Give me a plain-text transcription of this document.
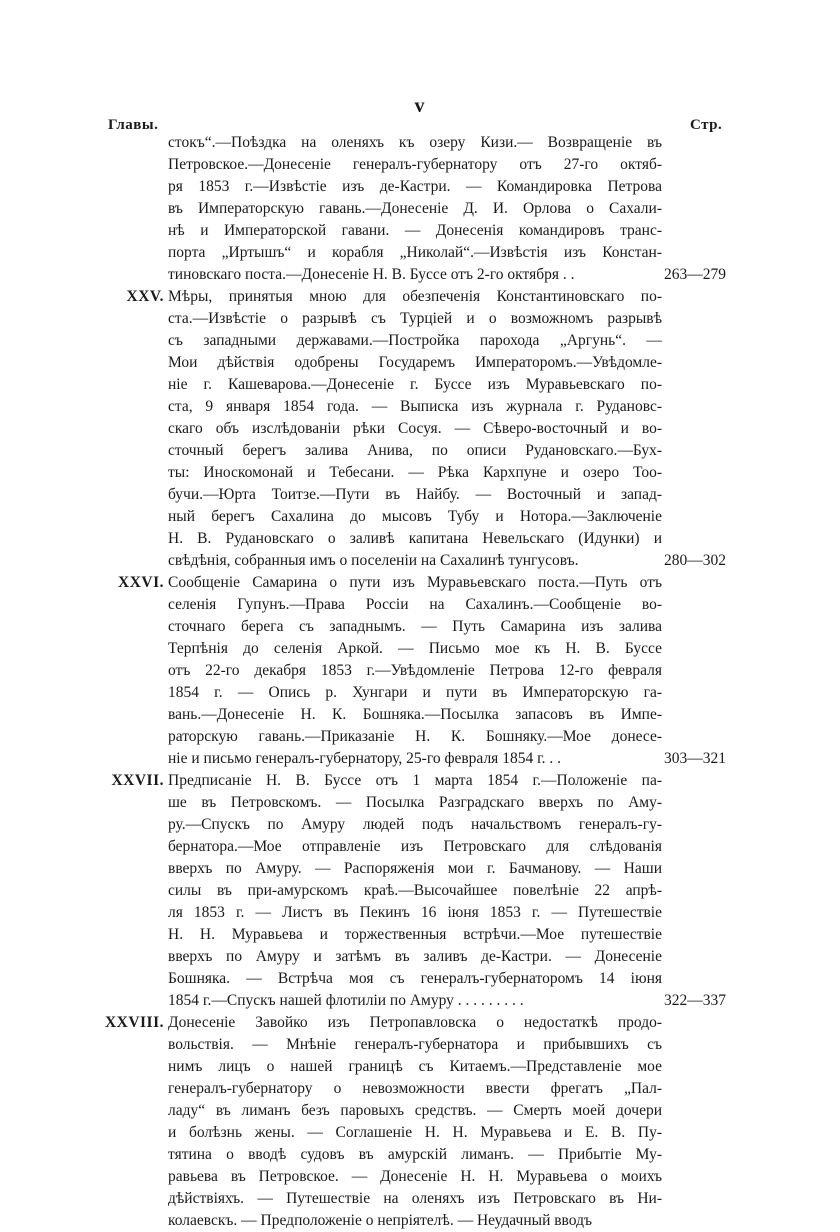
v
Главы.	Стр.
стокъ“.—Поѣздка на оленяхъ къ озеру Кизи.— Возвращеніе въ
Петровское.—Донесеніе генералъ-губернатору отъ 27-го октяб-
ря 1853 г.—Извѣстіе изъ де-Кастри. — Командировка Петрова
въ Императорскую гавань.—Донесеніе Д. И. Орлова о Сахали-
нѣ и Императорской гавани. — Донесенія командировъ транс-
порта „Иртышъ“ и корабля „Николай“.—Извѣстія изъ Констан-
тиновскаго поста.—Донесеніе Н. В. Буссе отъ 2-го октября . .	263—279
XXV. Мѣры, принятыя мною для обезпеченія Константиновскаго по-
ста.—Извѣстіе о разрывѣ съ Турціей и о возможномъ разрывѣ
съ западными державами.—Постройка парохода „Аргунь“. —
Мои дѣйствія одобрены Государемъ Императоромъ.—Увѣдомле-
ніе г. Кашеварова.—Донесеніе г. Буссе изъ Муравьевскаго по-
ста, 9 января 1854 года. — Выписка изъ журнала г. Рудановс-
скаго объ изслѣдованіи рѣки Сосуя. — Сѣверо-восточный и во-
сточный берегъ залива Анива, по описи Рудановскаго.—Бух-
ты: Иноскомонай и Тебесани. — Рѣка Кархпуне и озеро Тоо-
бучи.—Юрта Тоитзе.—Пути въ Найбу. — Восточный и запад-
ный берегъ Сахалина до мысовъ Тубу и Нотора.—Заключеніе
Н. В. Рудановскаго о заливѣ капитана Невельскаго (Идунки) и
свѣдѣнія, собранныя имъ о поселеніи на Сахалинѣ тунгусовъ.	280—302
XXVI. Сообщеніе Самарина о пути изъ Муравьевскаго поста.—Путь отъ
селенія Гупунъ.—Права Россіи на Сахалинъ.—Сообщеніе во-
сточнаго берега съ западнымъ. — Путь Самарина изъ залива
Терпѣнія до селенія Аркой. — Письмо мое къ Н. В. Буссе
отъ 22-го декабря 1853 г.—Увѣдомленіе Петрова 12-го февраля
1854 г. — Опись р. Хунгари и пути въ Императорскую га-
вань.—Донесеніе Н. К. Бошняка.—Посылка запасовъ въ Импе-
раторскую гавань.—Приказаніе Н. К. Бошняку.—Мое донесе-
ніе и письмо генералъ-губернатору, 25-го февраля 1854 г. . .	303—321
XXVII. Предписаніе Н. В. Буссе отъ 1 марта 1854 г.—Положеніе па-
ше въ Петровскомъ. — Посылка Разградскаго вверхъ по Аму-
ру.—Спускъ по Амуру людей подъ начальствомъ генералъ-гу-
бернатора.—Мое отправленіе изъ Петровскаго для слѣдованія
вверхъ по Амуру. — Распоряженія мои г. Бачманову. — Наши
силы въ при-амурскомъ краѣ.—Высочайшее повелѣніе 22 апрѣ-
ля 1853 г. — Листъ въ Пекинъ 16 іюня 1853 г. — Путешествіе
Н. Н. Муравьева и торжественныя встрѣчи.—Мое путешествіе
вверхъ по Амуру и затѣмъ въ заливъ де-Кастри. — Донесеніе
Бошняка. — Встрѣча моя съ генералъ-губернаторомъ 14 іюня
1854 г.—Спускъ нашей флотиліи по Амуру . . . . . . . . .	322—337
XXVIII. Донесеніе Завойко изъ Петропавловска о недостаткѣ продо-
вольствія. — Мнѣніе генералъ-губернатора и прибывшихъ съ
нимъ лицъ о нашей границѣ съ Китаемъ.—Представленіе мое
генералъ-губернатору о невозможности ввести фрегатъ „Пал-
ладу“ въ лиманъ безъ паровыхъ средствъ. — Смерть моей дочери
и болѣзнь жены. — Соглашеніе Н. Н. Муравьева и Е. В. Пу-
тятина о вводѣ судовъ въ амурскій лиманъ. — Прибытіе Му-
равьева въ Петровское. — Донесеніе Н. Н. Муравьева о моихъ
дѣйствіяхъ. — Путешествіе на оленяхъ изъ Петровскаго въ Ни-
колаевскъ. — Предположеніе о непріятелѣ. — Неудачный вводъ
